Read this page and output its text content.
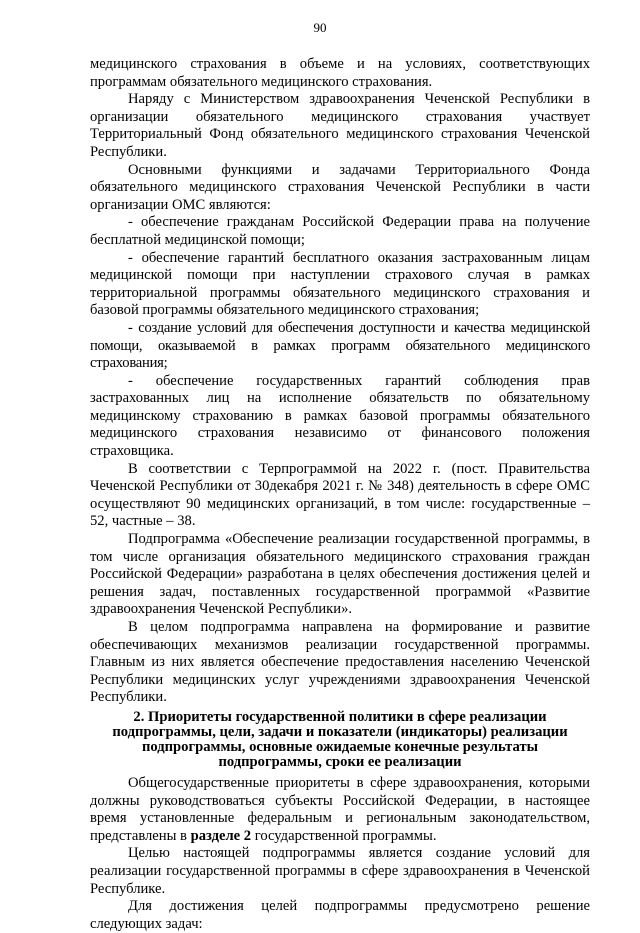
90

медицинского страхования в объеме и на условиях, соответствующих программам обязательного медицинского страхования.

Наряду с Министерством здравоохранения Чеченской Республики в организации обязательного медицинского страхования участвует Территориальный Фонд обязательного медицинского страхования Чеченской Республики.

Основными функциями и задачами Территориального Фонда обязательного медицинского страхования Чеченской Республики в части организации ОМС являются:

- обеспечение гражданам Российской Федерации права на получение бесплатной медицинской помощи;

- обеспечение гарантий бесплатного оказания застрахованным лицам медицинской помощи при наступлении страхового случая в рамках территориальной программы обязательного медицинского страхования и базовой программы обязательного медицинского страхования;

- создание условий для обеспечения доступности и качества медицинской помощи, оказываемой в рамках программ обязательного медицинского страхования;

- обеспечение государственных гарантий соблюдения прав застрахованных лиц на исполнение обязательств по обязательному медицинскому страхованию в рамках базовой программы обязательного медицинского страхования независимо от финансового положения страховщика.

В соответствии с Терпрограммой на 2022 г. (пост. Правительства Чеченской Республики от 30декабря 2021 г. № 348) деятельность в сфере ОМС осуществляют 90 медицинских организаций, в том числе: государственные – 52, частные – 38.

Подпрограмма «Обеспечение реализации государственной программы, в том числе организация обязательного медицинского страхования граждан Российской Федерации» разработана в целях обеспечения достижения целей и решения задач, поставленных государственной программой «Развитие здравоохранения Чеченской Республики».

В целом подпрограмма направлена на формирование и развитие обеспечивающих механизмов реализации государственной программы. Главным из них является обеспечение предоставления населению Чеченской Республики медицинских услуг учреждениями здравоохранения Чеченской Республики.

2. Приоритеты государственной политики в сфере реализации
подпрограммы, цели, задачи и показатели (индикаторы) реализации
подпрограммы, основные ожидаемые конечные результаты
подпрограммы, сроки ее реализации

Общегосударственные приоритеты в сфере здравоохранения, которыми должны руководствоваться субъекты Российской Федерации, в настоящее время установленные федеральным и региональным законодательством, представлены в разделе 2 государственной программы.

Целью настоящей подпрограммы является создание условий для реализации государственной программы в сфере здравоохранения в Чеченской Республике.

Для достижения целей подпрограммы предусмотрено решение следующих задач:
